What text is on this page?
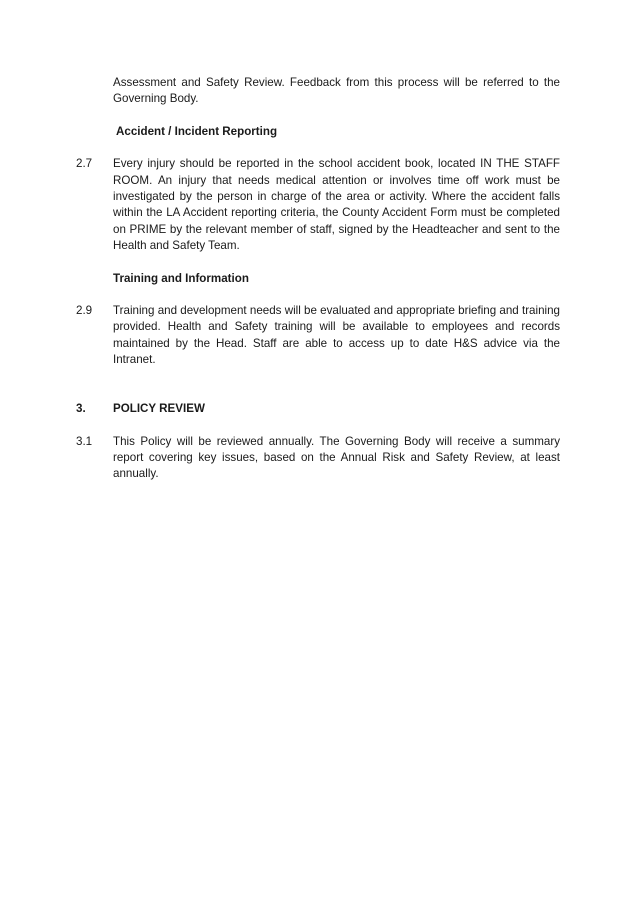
Assessment and Safety Review. Feedback from this process will be referred to the Governing Body.
Accident / Incident Reporting
2.7	Every injury should be reported in the school accident book, located IN THE STAFF ROOM. An injury that needs medical attention or involves time off work must be investigated by the person in charge of the area or activity. Where the accident falls within the LA Accident reporting criteria, the County Accident Form must be completed on PRIME by the relevant member of staff, signed by the Headteacher and sent to the Health and Safety Team.
Training and Information
2.9	Training and development needs will be evaluated and appropriate briefing and training provided. Health and Safety training will be available to employees and records maintained by the Head. Staff are able to access up to date H&S advice via the Intranet.
3.	POLICY REVIEW
3.1	This Policy will be reviewed annually. The Governing Body will receive a summary report covering key issues, based on the Annual Risk and Safety Review, at least annually.
